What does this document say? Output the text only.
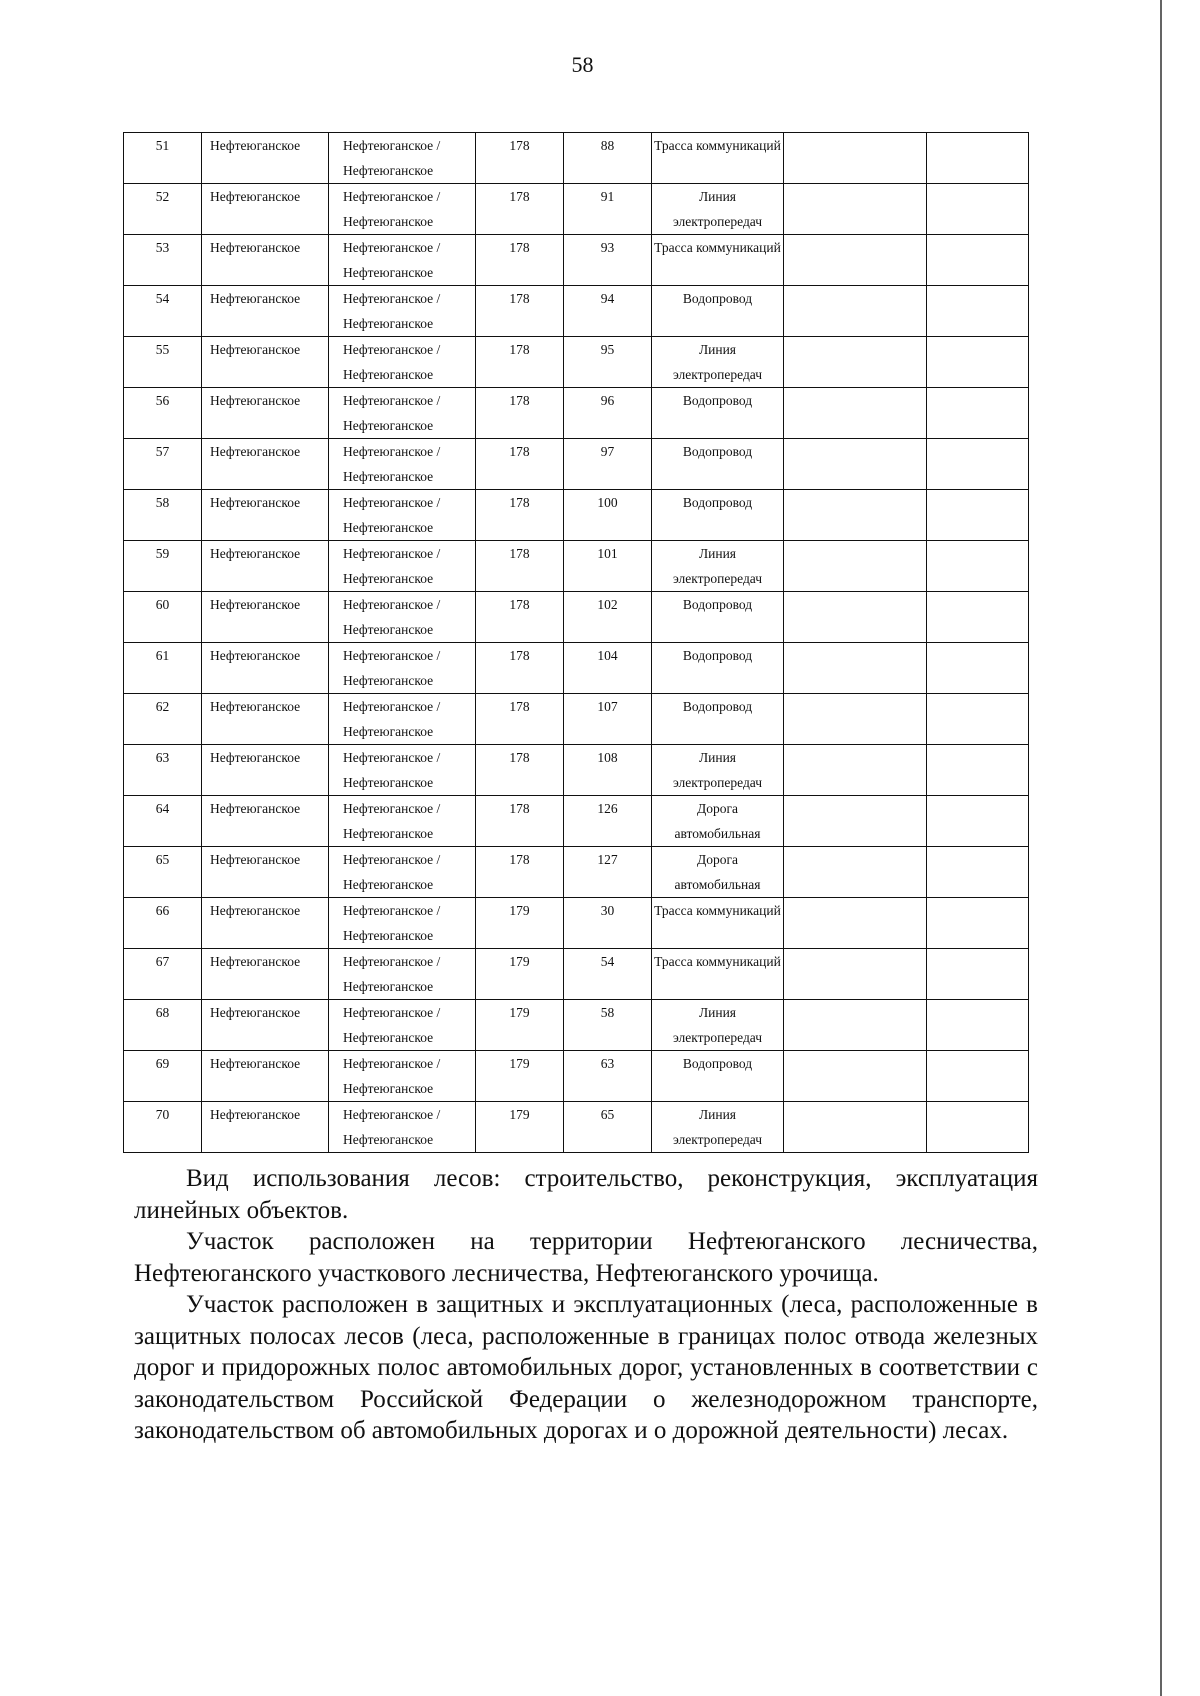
58
51	Нефтеюганское	Нефтеюганское / Нефтеюганское	178	88	Трасса коммуникаций		
52	Нефтеюганское	Нефтеюганское / Нефтеюганское	178	91	Линия электропередач		
53	Нефтеюганское	Нефтеюганское / Нефтеюганское	178	93	Трасса коммуникаций		
54	Нефтеюганское	Нефтеюганское / Нефтеюганское	178	94	Водопровод		
55	Нефтеюганское	Нефтеюганское / Нефтеюганское	178	95	Линия электропередач		
56	Нефтеюганское	Нефтеюганское / Нефтеюганское	178	96	Водопровод		
57	Нефтеюганское	Нефтеюганское / Нефтеюганское	178	97	Водопровод		
58	Нефтеюганское	Нефтеюганское / Нефтеюганское	178	100	Водопровод		
59	Нефтеюганское	Нефтеюганское / Нефтеюганское	178	101	Линия электропередач		
60	Нефтеюганское	Нефтеюганское / Нефтеюганское	178	102	Водопровод		
61	Нефтеюганское	Нефтеюганское / Нефтеюганское	178	104	Водопровод		
62	Нефтеюганское	Нефтеюганское / Нефтеюганское	178	107	Водопровод		
63	Нефтеюганское	Нефтеюганское / Нефтеюганское	178	108	Линия электропередач		
64	Нефтеюганское	Нефтеюганское / Нефтеюганское	178	126	Дорога автомобильная		
65	Нефтеюганское	Нефтеюганское / Нефтеюганское	178	127	Дорога автомобильная		
66	Нефтеюганское	Нефтеюганское / Нефтеюганское	179	30	Трасса коммуникаций		
67	Нефтеюганское	Нефтеюганское / Нефтеюганское	179	54	Трасса коммуникаций		
68	Нефтеюганское	Нефтеюганское / Нефтеюганское	179	58	Линия электропередач		
69	Нефтеюганское	Нефтеюганское / Нефтеюганское	179	63	Водопровод		
70	Нефтеюганское	Нефтеюганское / Нефтеюганское	179	65	Линия электропередач		

Вид использования лесов: строительство, реконструкция, эксплуатация линейных объектов.

Участок расположен на территории Нефтеюганского лесничества, Нефтеюганского участкового лесничества, Нефтеюганского урочища.

Участок расположен в защитных и эксплуатационных (леса, расположенные в защитных полосах лесов (леса, расположенные в границах полос отвода железных дорог и придорожных полос автомобильных дорог, установленных в соответствии с законодательством Российской Федерации о железнодорожном транспорте, законодательством об автомобильных дорогах и о дорожной деятельности) лесах.
